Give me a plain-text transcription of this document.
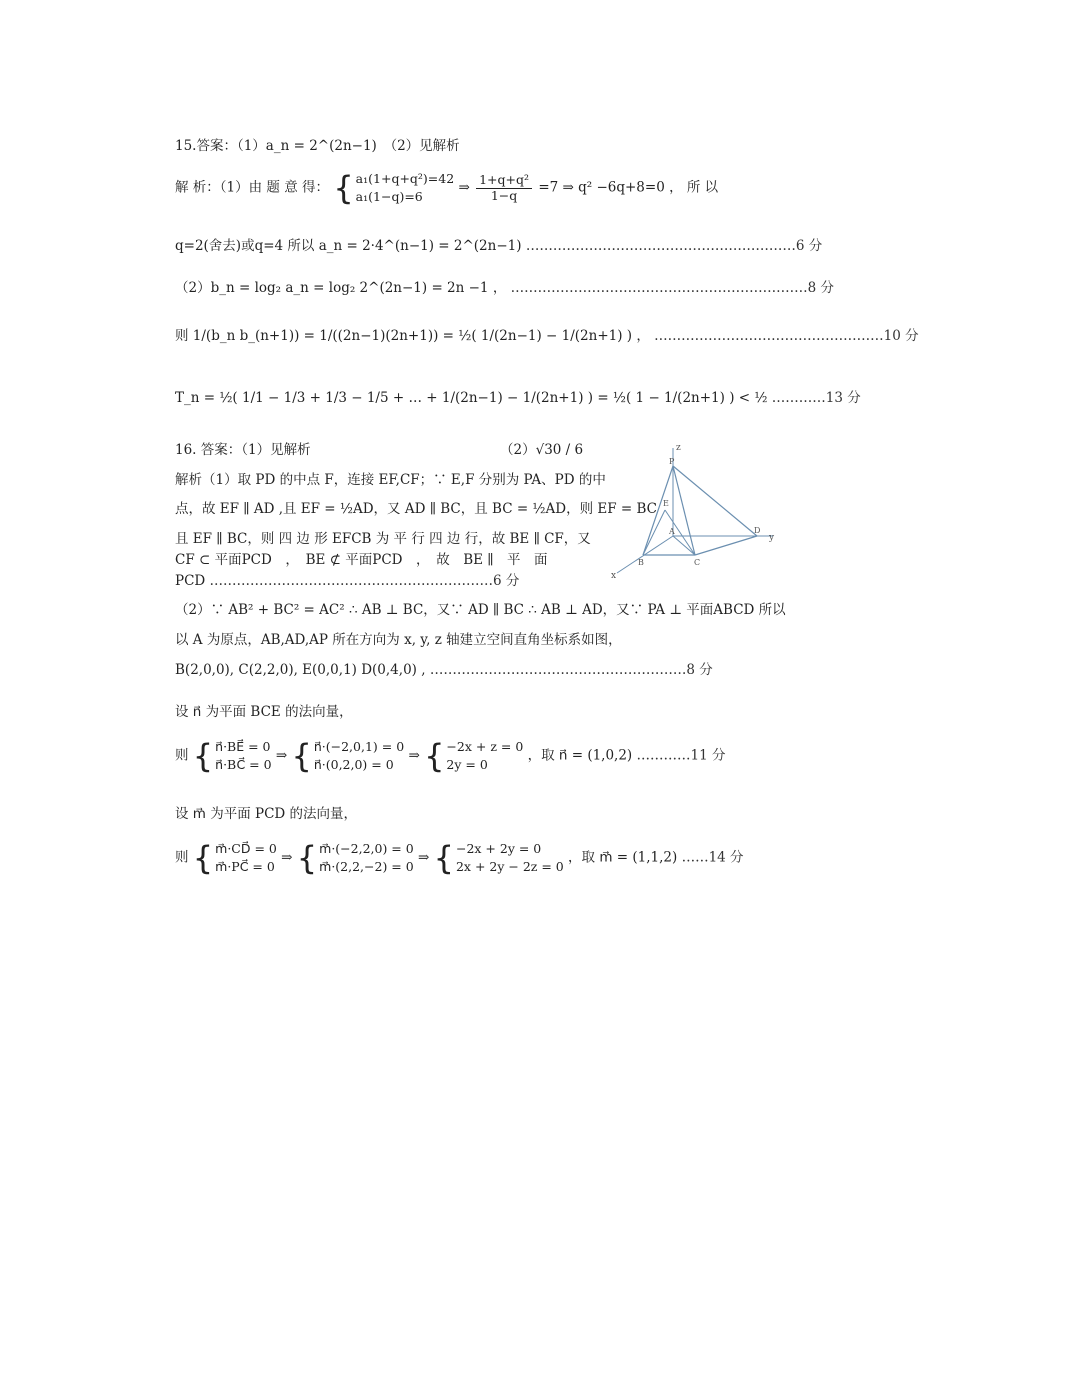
15.答案：（1）a_n = 2^(2n−1)　（2）见解析
解 析：（1）由 题 意 得： { a₁(1+q+q²)=42
a₁(1−q)=6
⇒ $\frac{\text{1+q+q²}}{1-q} =7$ ⇒ q² −6q+8=0 ， 所 以
q=2(舍去)或q=4 所以 a_n = 2·4^(n−1) = 2^(2n−1) ……………………………………………………6 分
（2）b_n = log₂ a_n = log₂ 2^(2n−1) = 2n −1 ， …………………………………………………………8 分
则 1/(b_n b_(n+1)) = 1/((2n−1)(2n+1)) = ½( 1/(2n−1) − 1/(2n+1) ) ， ……………………………………………10 分
T_n = ½( 1/1 − 1/3 + 1/3 − 1/5 + … + 1/(2n−1) − 1/(2n+1) ) = ½( 1 − 1/(2n+1) ) < ½ …………13 分
16. 答案：（1）见解析	（2）√30 / 6
解析（1）取 PD 的中点 F，连接 EF,CF；∵ E,F 分别为 PA、PD 的中
点，故 EF ∥ AD ,且 EF = ½AD，又 AD ∥ BC，且 BC = ½AD，则 EF = BC
且 EF ∥ BC，则 四 边 形 EFCB 为 平 行 四 边 行，故 BE ∥ CF，又
CF ⊂ 平面PCD　，　BE ⊄ 平面PCD　，　故　BE ∥　平　面
PCD ………………………………………………………6 分
z
P
E
A	D
y
B	C
x
（2）∵ AB² + BC² = AC² ∴ AB ⊥ BC，又∵ AD ∥ BC ∴ AB ⊥ AD，又∵ PA ⊥ 平面ABCD 所以
以 A 为原点，AB,AD,AP 所在方向为 x, y, z 轴建立空间直角坐标系如图，
B(2,0,0), C(2,2,0), E(0,0,1) D(0,4,0) , …………………………………………………8 分
设 n⃗ 为平面 BCE 的法向量，
则 { n⃗·BE⃗ = 0
n⃗·BC⃗ = 0
⇒ { n⃗·(−2,0,1) = 0
n⃗·(0,2,0) = 0
⇒ { −2x + z = 0
2y = 0
，取 n⃗ = (1,0,2) …………11 分
设 m⃗ 为平面 PCD 的法向量，
则 { m⃗·CD⃗ = 0
m⃗·PC⃗ = 0
⇒ { m⃗·(−2,2,0) = 0
m⃗·(2,2,−2) = 0
⇒ { −2x + 2y = 0
2x + 2y − 2z = 0
，取 m⃗ = (1,1,2) ……14 分
